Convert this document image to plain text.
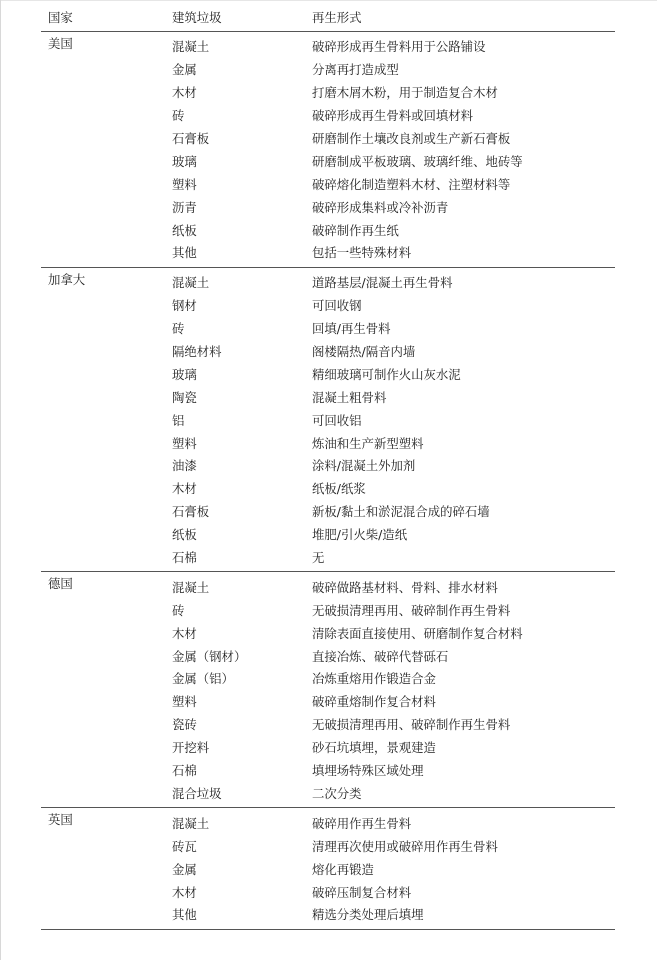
国家	建筑垃圾	再生形式
美国	混凝土	破碎形成再生骨料用于公路铺设
	金属	分离再打造成型
	木材	打磨木屑木粉，用于制造复合木材
	砖	破碎形成再生骨料或回填材料
	石膏板	研磨制作土壤改良剂或生产新石膏板
	玻璃	研磨制成平板玻璃、玻璃纤维、地砖等
	塑料	破碎熔化制造塑料木材、注塑材料等
	沥青	破碎形成集料或冷补沥青
	纸板	破碎制作再生纸
	其他	包括一些特殊材料
加拿大	混凝土	道路基层/混凝土再生骨料
	钢材	可回收钢
	砖	回填/再生骨料
	隔绝材料	阁楼隔热/隔音内墙
	玻璃	精细玻璃可制作火山灰水泥
	陶瓷	混凝土粗骨料
	铝	可回收铝
	塑料	炼油和生产新型塑料
	油漆	涂料/混凝土外加剂
	木材	纸板/纸浆
	石膏板	新板/黏土和淤泥混合成的碎石墙
	纸板	堆肥/引火柴/造纸
	石棉	无
德国	混凝土	破碎做路基材料、骨料、排水材料
	砖	无破损清理再用、破碎制作再生骨料
	木材	清除表面直接使用、研磨制作复合材料
	金属（钢材）	直接冶炼、破碎代替砾石
	金属（铝）	冶炼重熔用作锻造合金
	塑料	破碎重熔制作复合材料
	瓷砖	无破损清理再用、破碎制作再生骨料
	开挖料	砂石坑填埋，景观建造
	石棉	填埋场特殊区域处理
	混合垃圾	二次分类
英国	混凝土	破碎用作再生骨料
	砖瓦	清理再次使用或破碎用作再生骨料
	金属	熔化再锻造
	木材	破碎压制复合材料
	其他	精选分类处理后填埋
